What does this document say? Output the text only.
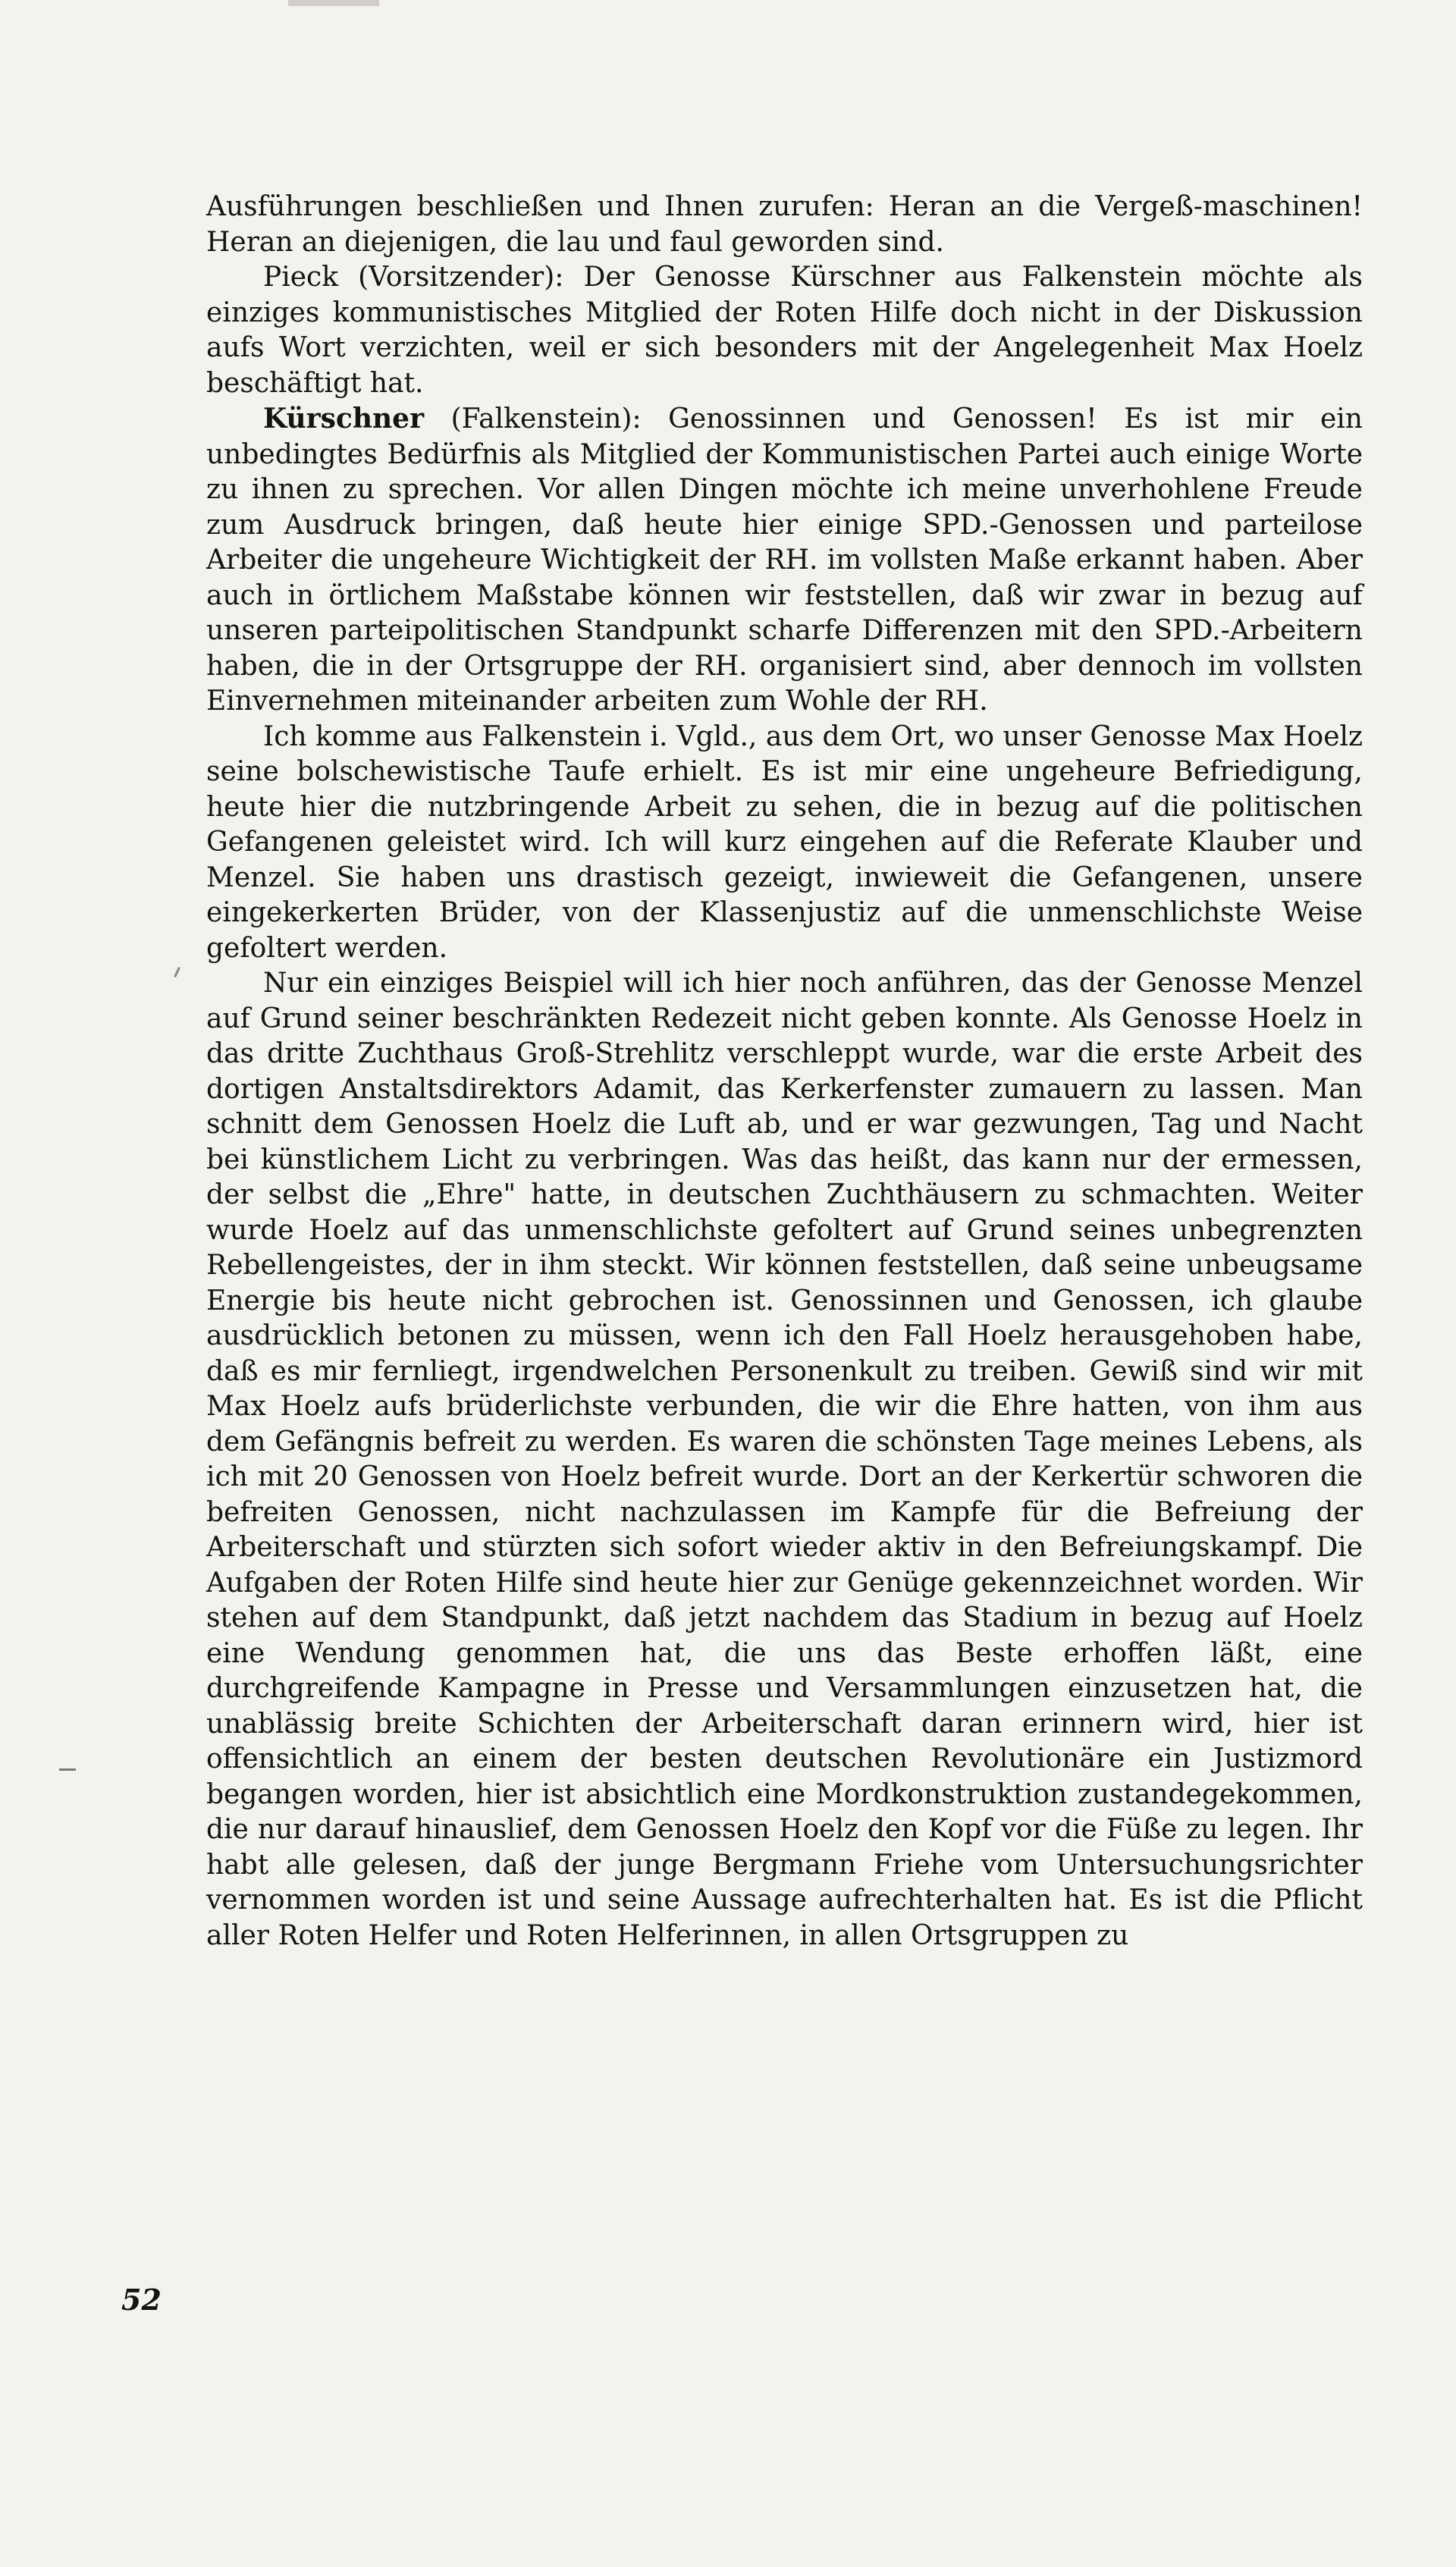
Ausführungen beschließen und Ihnen zurufen: Heran an die Vergeß-maschinen! Heran an diejenigen, die lau und faul geworden sind.

Pieck (Vorsitzender): Der Genosse Kürschner aus Falkenstein möchte als einziges kommunistisches Mitglied der Roten Hilfe doch nicht in der Diskussion aufs Wort verzichten, weil er sich besonders mit der Angelegenheit Max Hoelz beschäftigt hat.

Kürschner (Falkenstein): Genossinnen und Genossen! Es ist mir ein unbedingtes Bedürfnis als Mitglied der Kommunistischen Partei auch einige Worte zu ihnen zu sprechen. Vor allen Dingen möchte ich meine unverhohlene Freude zum Ausdruck bringen, daß heute hier einige SPD.-Genossen und parteilose Arbeiter die ungeheure Wichtigkeit der RH. im vollsten Maße erkannt haben. Aber auch in örtlichem Maßstabe können wir feststellen, daß wir zwar in bezug auf unseren parteipolitischen Standpunkt scharfe Differenzen mit den SPD.-Arbeitern haben, die in der Ortsgruppe der RH. organisiert sind, aber dennoch im vollsten Einvernehmen miteinander arbeiten zum Wohle der RH.

Ich komme aus Falkenstein i. Vgld., aus dem Ort, wo unser Genosse Max Hoelz seine bolschewistische Taufe erhielt. Es ist mir eine ungeheure Befriedigung, heute hier die nutzbringende Arbeit zu sehen, die in bezug auf die politischen Gefangenen geleistet wird. Ich will kurz eingehen auf die Referate Klauber und Menzel. Sie haben uns drastisch gezeigt, inwieweit die Gefangenen, unsere eingekerkerten Brüder, von der Klassenjustiz auf die unmenschlichste Weise gefoltert werden.

Nur ein einziges Beispiel will ich hier noch anführen, das der Genosse Menzel auf Grund seiner beschränkten Redezeit nicht geben konnte. Als Genosse Hoelz in das dritte Zuchthaus Groß-Strehlitz verschleppt wurde, war die erste Arbeit des dortigen Anstaltsdirektors Adamit, das Kerkerfenster zumauern zu lassen. Man schnitt dem Genossen Hoelz die Luft ab, und er war gezwungen, Tag und Nacht bei künstlichem Licht zu verbringen. Was das heißt, das kann nur der ermessen, der selbst die „Ehre" hatte, in deutschen Zuchthäusern zu schmachten. Weiter wurde Hoelz auf das unmenschlichste gefoltert auf Grund seines unbegrenzten Rebellengeistes, der in ihm steckt. Wir können feststellen, daß seine unbeugsame Energie bis heute nicht gebrochen ist. Genossinnen und Genossen, ich glaube ausdrücklich betonen zu müssen, wenn ich den Fall Hoelz herausgehoben habe, daß es mir fernliegt, irgendwelchen Personenkult zu treiben. Gewiß sind wir mit Max Hoelz aufs brüderlichste verbunden, die wir die Ehre hatten, von ihm aus dem Gefängnis befreit zu werden. Es waren die schönsten Tage meines Lebens, als ich mit 20 Genossen von Hoelz befreit wurde. Dort an der Kerkertür schworen die befreiten Genossen, nicht nachzulassen im Kampfe für die Befreiung der Arbeiterschaft und stürzten sich sofort wieder aktiv in den Befreiungskampf. Die Aufgaben der Roten Hilfe sind heute hier zur Genüge gekennzeichnet worden. Wir stehen auf dem Standpunkt, daß jetzt nachdem das Stadium in bezug auf Hoelz eine Wendung genommen hat, die uns das Beste erhoffen läßt, eine durchgreifende Kampagne in Presse und Versammlungen einzusetzen hat, die unablässig breite Schichten der Arbeiterschaft daran erinnern wird, hier ist offensichtlich an einem der besten deutschen Revolutionäre ein Justizmord begangen worden, hier ist absichtlich eine Mordkonstruktion zustandegekommen, die nur darauf hinauslief, dem Genossen Hoelz den Kopf vor die Füße zu legen. Ihr habt alle gelesen, daß der junge Bergmann Friehe vom Untersuchungsrichter vernommen worden ist und seine Aussage aufrechterhalten hat. Es ist die Pflicht aller Roten Helfer und Roten Helferinnen, in allen Ortsgruppen zu

52
